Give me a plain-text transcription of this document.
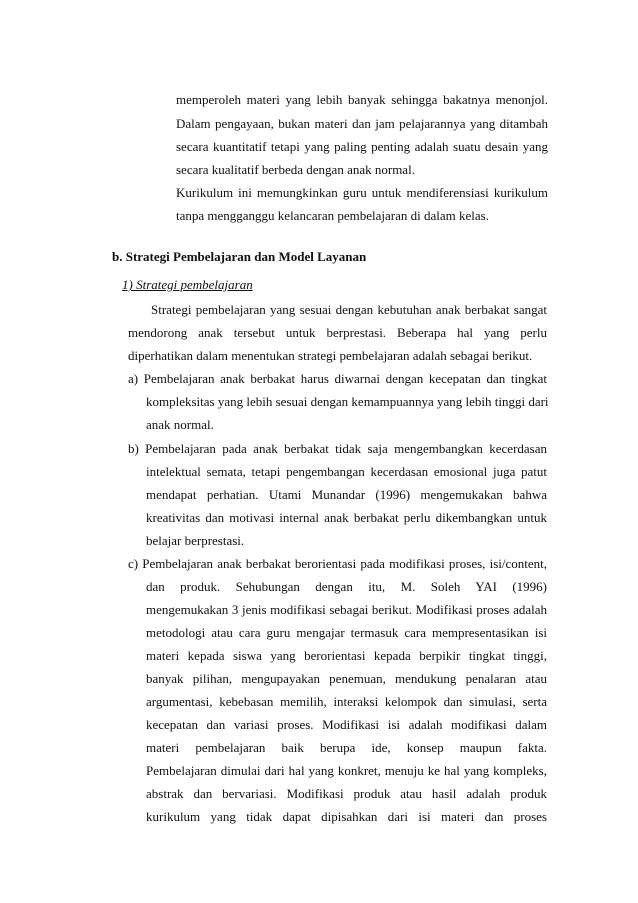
memperoleh materi yang lebih banyak sehingga bakatnya menonjol.
Dalam pengayaan, bukan materi dan jam pelajarannya yang ditambah
secara kuantitatif tetapi yang paling penting adalah suatu desain yang
secara kualitatif berbeda dengan anak normal.
Kurikulum ini memungkinkan guru untuk mendiferensiasi kurikulum
tanpa mengganggu kelancaran pembelajaran di dalam kelas.
b. Strategi Pembelajaran dan Model Layanan
1) Strategi pembelajaran
Strategi pembelajaran yang sesuai dengan kebutuhan anak berbakat sangat
mendorong anak tersebut untuk berprestasi. Beberapa hal yang perlu
diperhatikan dalam menentukan strategi pembelajaran adalah sebagai berikut.
a) Pembelajaran anak berbakat harus diwarnai dengan kecepatan dan tingkat
kompleksitas yang lebih sesuai dengan kemampuannya yang lebih tinggi dari
anak normal.
b) Pembelajaran pada anak berbakat tidak saja mengembangkan kecerdasan
intelektual semata, tetapi pengembangan kecerdasan emosional juga patut
mendapat perhatian. Utami Munandar (1996) mengemukakan bahwa
kreativitas dan motivasi internal anak berbakat perlu dikembangkan untuk
belajar berprestasi.
c) Pembelajaran anak berbakat berorientasi pada modifikasi proses, isi/content,
dan produk. Sehubungan dengan itu, M. Soleh YAI (1996)
mengemukakan 3 jenis modifikasi sebagai berikut. Modifikasi proses adalah
metodologi atau cara guru mengajar termasuk cara mempresentasikan isi
materi kepada siswa yang berorientasi kepada berpikir tingkat tinggi,
banyak pilihan, mengupayakan penemuan, mendukung penalaran atau
argumentasi, kebebasan memilih, interaksi kelompok dan simulasi, serta
kecepatan dan variasi proses. Modifikasi isi adalah modifikasi dalam
materi pembelajaran baik berupa ide, konsep maupun fakta.
Pembelajaran dimulai dari hal yang konkret, menuju ke hal yang kompleks,
abstrak dan bervariasi. Modifikasi produk atau hasil adalah produk
kurikulum yang tidak dapat dipisahkan dari isi materi dan proses
